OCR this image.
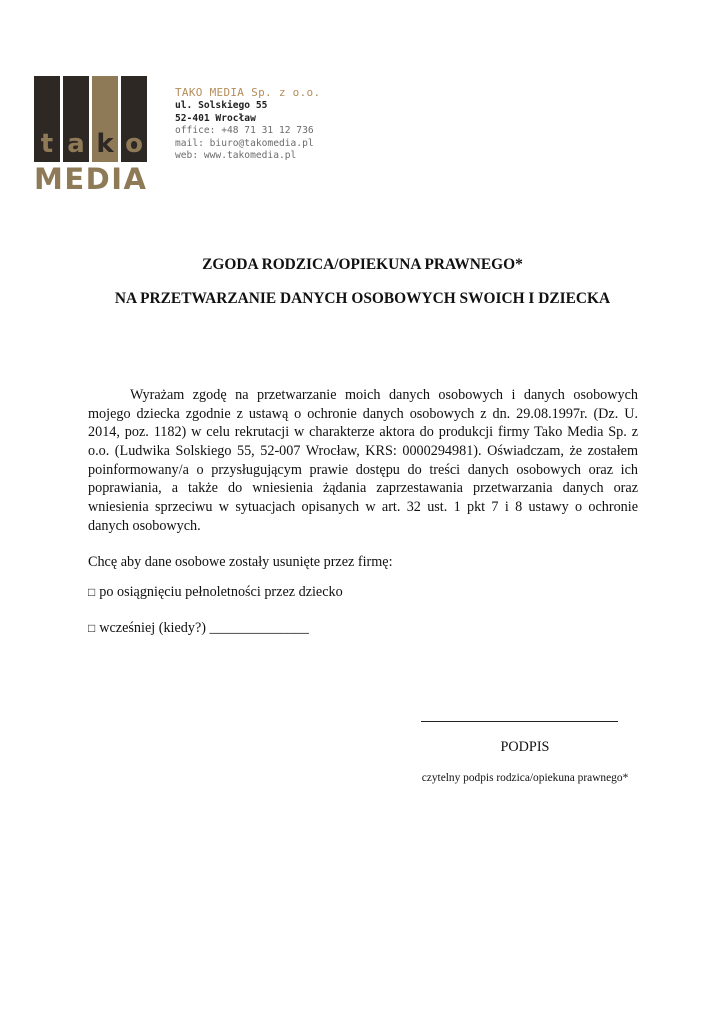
t a k o
M E D I A
TAKO MEDIA Sp. z o.o.
ul. Solskiego 55
52-401 Wrocław
office: +48 71 31 12 736
mail: biuro@takomedia.pl
web: www.takomedia.pl
ZGODA RODZICA/OPIEKUNA PRAWNEGO*
NA PRZETWARZANIE DANYCH OSOBOWYCH SWOICH I DZIECKA
Wyrażam zgodę na przetwarzanie moich danych osobowych i danych osobowych
mojego dziecka zgodnie z ustawą o ochronie danych osobowych z dn. 29.08.1997r. (Dz. U.
2014, poz. 1182) w celu rekrutacji w charakterze aktora do produkcji firmy Tako Media Sp. z
o.o. (Ludwika Solskiego 55, 52-007 Wrocław, KRS: 0000294981). Oświadczam, że zostałem
poinformowany/a o przysługującym prawie dostępu do treści danych osobowych oraz ich
poprawiania, a także do wniesienia żądania zaprzestawania przetwarzania danych oraz
wniesienia sprzeciwu w sytuacjach opisanych w art. 32 ust. 1 pkt 7 i 8 ustawy o ochronie
danych osobowych.
Chcę aby dane osobowe zostały usunięte przez firmę:
□ po osiągnięciu pełnoletności przez dziecko
□ wcześniej (kiedy?) ______________
PODPIS
czytelny podpis rodzica/opiekuna prawnego*
